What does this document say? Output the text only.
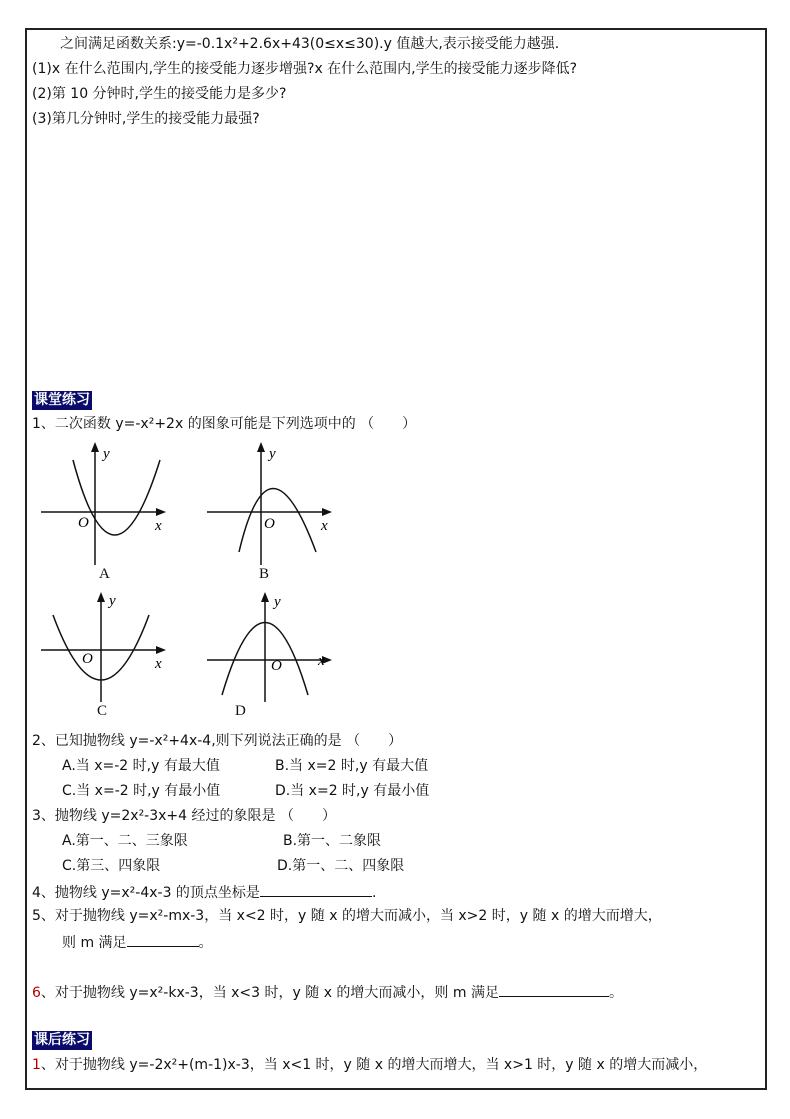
之间满足函数关系:y=-0.1x²+2.6x+43(0≤x≤30).y 值越大,表示接受能力越强.
(1)x 在什么范围内,学生的接受能力逐步增强?x 在什么范围内,学生的接受能力逐步降低?
(2)第 10 分钟时,学生的接受能力是多少?
(3)第几分钟时,学生的接受能力最强?
课堂练习
1、二次函数 y=-x²+2x 的图象可能是下列选项中的 （　　）
y
O	x
A
y
O	x
B
y
O	x
C
y
O x
D
2、已知抛物线 y=-x²+4x-4,则下列说法正确的是 （　　）
A.当 x=-2 时,y 有最大值	B.当 x=2 时,y 有最大值
C.当 x=-2 时,y 有最小值	D.当 x=2 时,y 有最小值
3、抛物线 y=2x²-3x+4 经过的象限是 （　　）
A.第一、二、三象限	B.第一、二象限
C.第三、四象限	D.第一、二、四象限
4、抛物线 y=x²-4x-3 的顶点坐标是	.
5、对于抛物线 y=x²-mx-3，当 x<2 时，y 随 x 的增大而减小，当 x>2 时，y 随 x 的增大而增大，
则 m 满足	。
6、对于抛物线 y=x²-kx-3，当 x<3 时，y 随 x 的增大而减小，则 m 满足	。
课后练习
1、对于抛物线 y=-2x²+(m-1)x-3，当 x<1 时，y 随 x 的增大而增大，当 x>1 时，y 随 x 的增大而减小，
